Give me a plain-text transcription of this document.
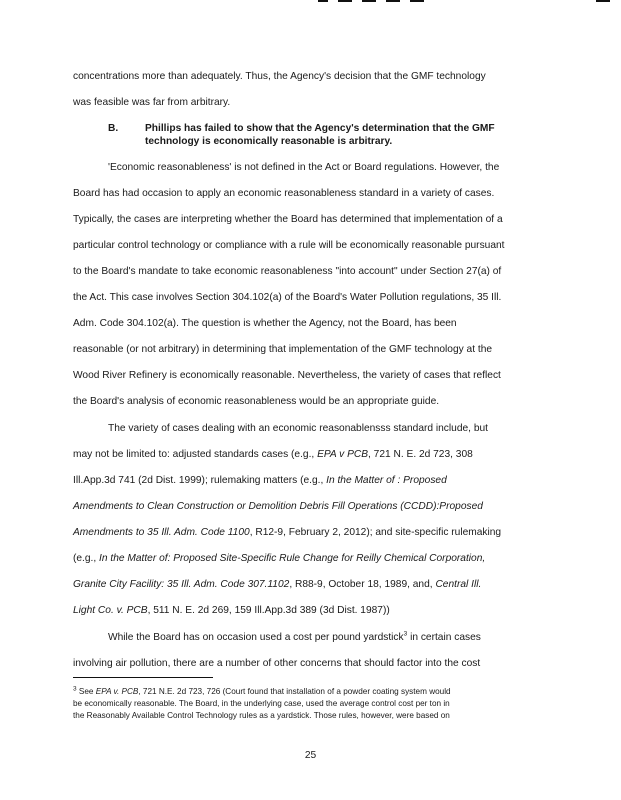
concentrations more than adequately. Thus, the Agency's decision that the GMF technology
was feasible was far from arbitrary.
B.	Phillips has failed to show that the Agency's determination that the GMF
technology is economically reasonable is arbitrary.
'Economic reasonableness' is not defined in the Act or Board regulations. However, the
Board has had occasion to apply an economic reasonableness standard in a variety of cases.
Typically, the cases are interpreting whether the Board has determined that implementation of a
particular control technology or compliance with a rule will be economically reasonable pursuant
to the Board's mandate to take economic reasonableness "into account" under Section 27(a) of
the Act. This case involves Section 304.102(a) of the Board's Water Pollution regulations, 35 Ill.
Adm. Code 304.102(a). The question is whether the Agency, not the Board, has been
reasonable (or not arbitrary) in determining that implementation of the GMF technology at the
Wood River Refinery is economically reasonable. Nevertheless, the variety of cases that reflect
the Board's analysis of economic reasonableness would be an appropriate guide.
The variety of cases dealing with an economic reasonablensss standard include, but
may not be limited to: adjusted standards cases (e.g., EPA v PCB, 721 N. E. 2d 723, 308
Ill.App.3d 741 (2d Dist. 1999); rulemaking matters (e.g., In the Matter of : Proposed
Amendments to Clean Construction or Demolition Debris Fill Operations (CCDD):Proposed
Amendments to 35 Ill. Adm. Code 1100, R12-9, February 2, 2012); and site-specific rulemaking
(e.g., In the Matter of: Proposed Site-Specific Rule Change for Reilly Chemical Corporation,
Granite City Facility: 35 Ill. Adm. Code 307.1102, R88-9, October 18, 1989, and, Central Ill.
Light Co. v. PCB, 511 N. E. 2d 269, 159 Ill.App.3d 389 (3d Dist. 1987))
While the Board has on occasion used a cost per pound yardstick$^3$ in certain cases
involving air pollution, there are a number of other concerns that should factor into the cost
$^3$ See EPA v. PCB, 721 N.E. 2d 723, 726 (Court found that installation of a powder coating system would
be economically reasonable. The Board, in the underlying case, used the average control cost per ton in
the Reasonably Available Control Technology rules as a yardstick. Those rules, however, were based on
25
